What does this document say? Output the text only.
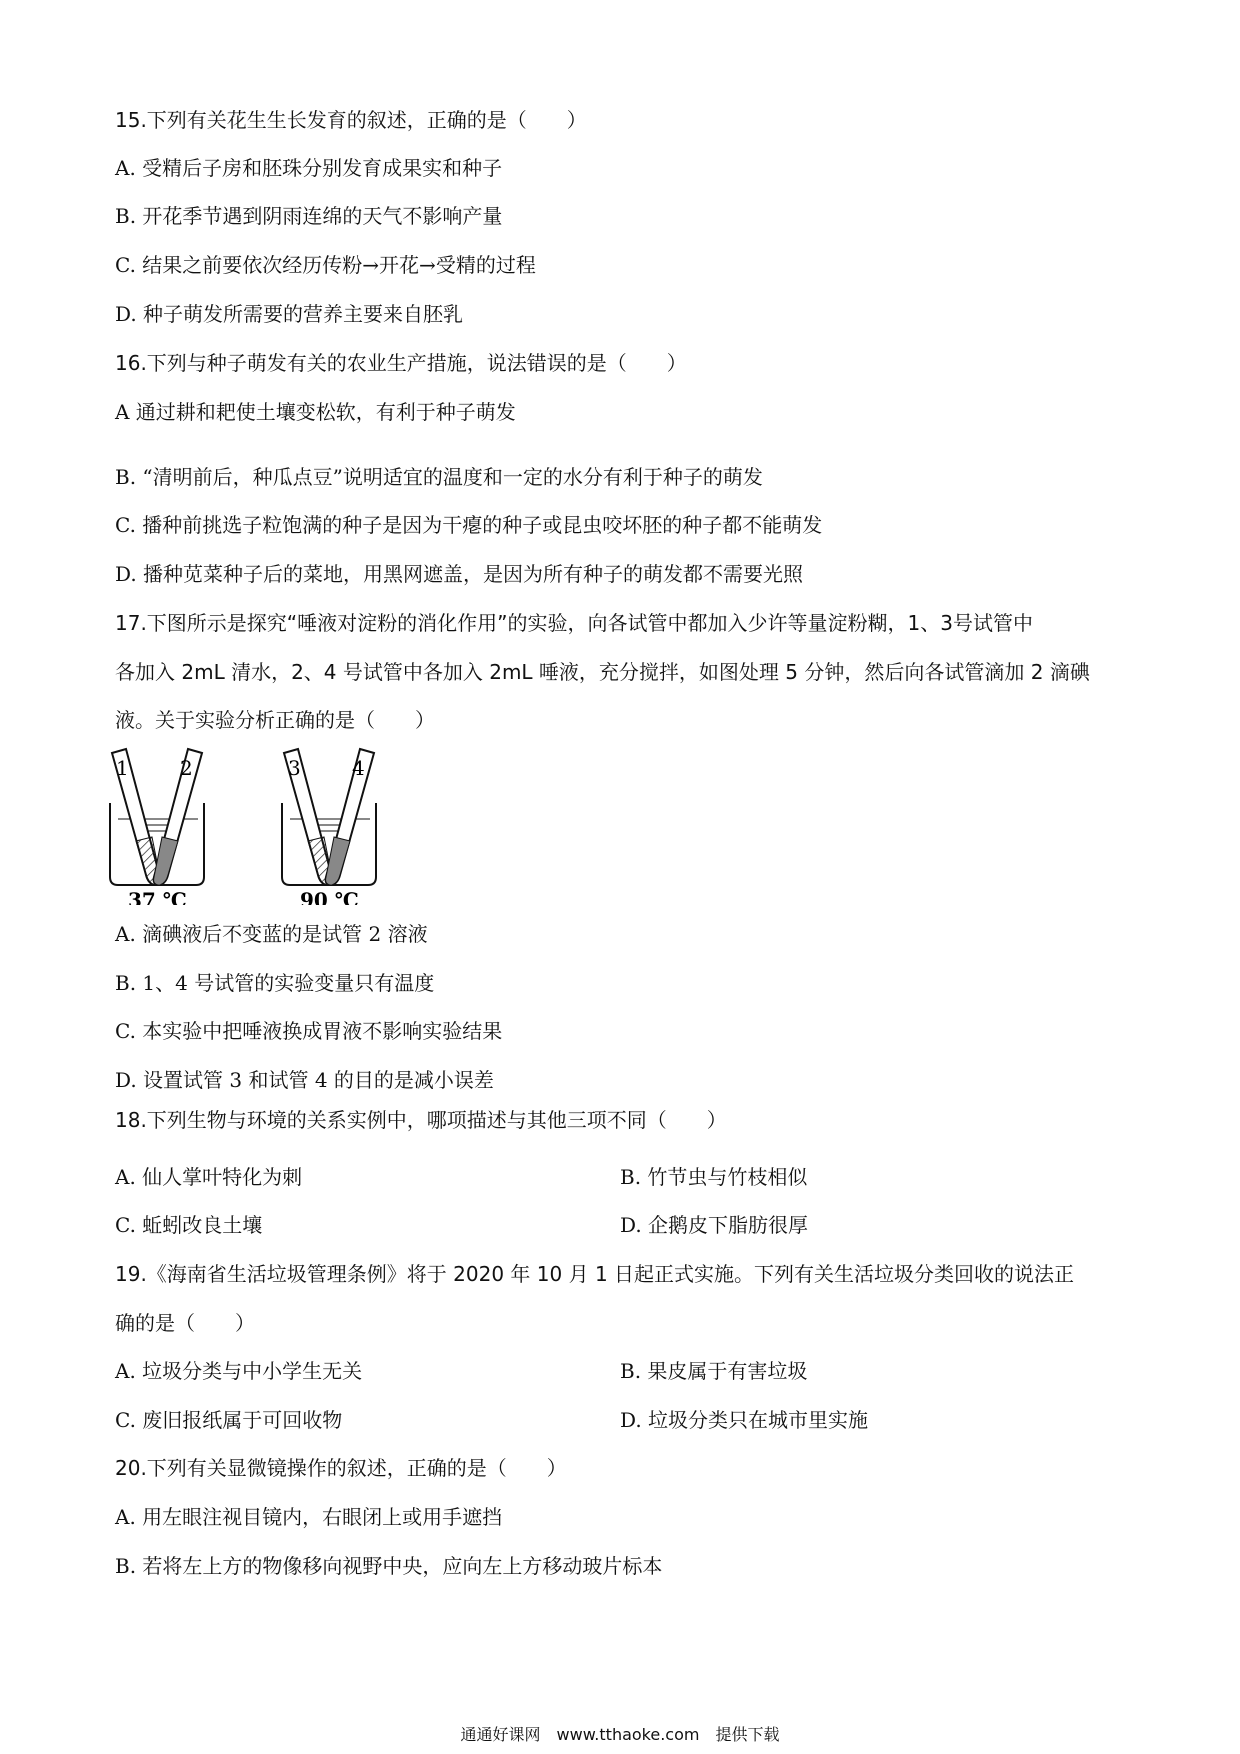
15.下列有关花生生长发育的叙述，正确的是（　　）
A. 受精后子房和胚珠分别发育成果实和种子
B. 开花季节遇到阴雨连绵的天气不影响产量
C. 结果之前要依次经历传粉→开花→受精的过程
D. 种子萌发所需要的营养主要来自胚乳
16.下列与种子萌发有关的农业生产措施，说法错误的是（　　）
A 通过耕和耙使土壤变松软，有利于种子萌发
B. “清明前后，种瓜点豆”说明适宜的温度和一定的水分有利于种子的萌发
C. 播种前挑选子粒饱满的种子是因为干瘪的种子或昆虫咬坏胚的种子都不能萌发
D. 播种苋菜种子后的菜地，用黑网遮盖，是因为所有种子的萌发都不需要光照
17.下图所示是探究“唾液对淀粉的消化作用”的实验，向各试管中都加入少许等量淀粉糊，1、3号试管中
各加入 2mL 清水，2、4 号试管中各加入 2mL 唾液，充分搅拌，如图处理 5 分钟，然后向各试管滴加 2 滴碘
液。关于实验分析正确的是（　　）
1	2
37 ℃
3	4
90 ℃
A. 滴碘液后不变蓝的是试管 2 溶液
B. 1、4 号试管的实验变量只有温度
C. 本实验中把唾液换成胃液不影响实验结果
D. 设置试管 3 和试管 4 的目的是减小误差
18.下列生物与环境的关系实例中，哪项描述与其他三项不同（　　）
A. 仙人掌叶特化为刺	B. 竹节虫与竹枝相似
C. 蚯蚓改良土壤	D. 企鹅皮下脂肪很厚
19.《海南省生活垃圾管理条例》将于 2020 年 10 月 1 日起正式实施。下列有关生活垃圾分类回收的说法正
确的是（　　）
A. 垃圾分类与中小学生无关	B. 果皮属于有害垃圾
C. 废旧报纸属于可回收物	D. 垃圾分类只在城市里实施
20.下列有关显微镜操作的叙述，正确的是（　　）
A. 用左眼注视目镜内，右眼闭上或用手遮挡
B. 若将左上方的物像移向视野中央，应向左上方移动玻片标本
通通好课网　www.tthaoke.com　提供下载
